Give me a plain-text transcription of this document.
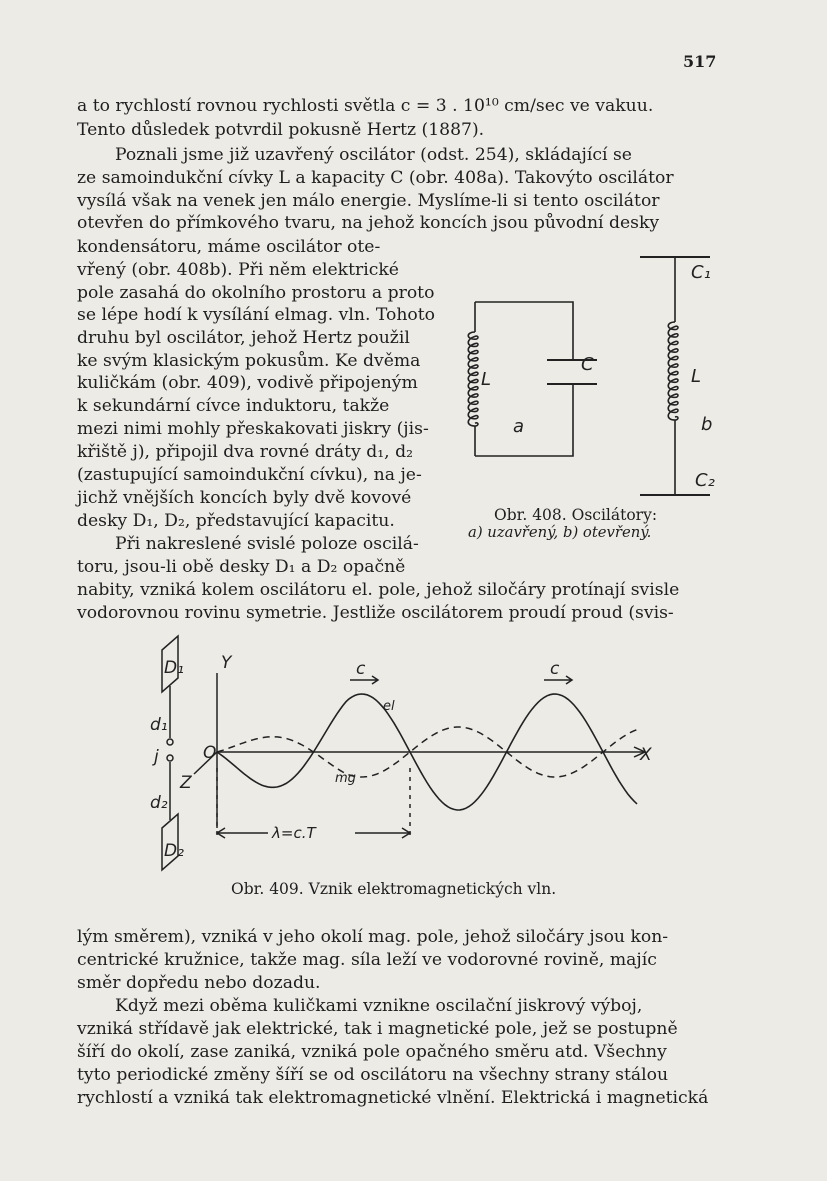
517
a to rychlostí rovnou rychlosti světla c = 3 . 10¹⁰ cm/sec ve vakuu.
Tento důsledek potvrdil pokusně Hertz (1887).
Poznali jsme již uzavřený oscilátor (odst. 254), skládající se
ze samoindukční cívky L a kapacity C (obr. 408a). Takovýto oscilátor
vysílá však na venek jen málo energie. Myslíme-li si tento oscilátor
otevřen do přímkového tvaru, na jehož koncích jsou původní desky
kondensátoru, máme oscilátor ote-
vřený (obr. 408b). Při něm elektrické
pole zasahá do okolního prostoru a proto
se lépe hodí k vysílání elmag. vln. Tohoto
druhu byl oscilátor, jehož Hertz použil
ke svým klasickým pokusům. Ke dvěma
kuličkám (obr. 409), vodivě připojeným
k sekundární cívce induktoru, takže
mezi nimi mohly přeskakovati jiskry (jis-
křiště j), připojil dva rovné dráty d₁, d₂
(zastupující samoindukční cívku), na je-
jichž vnějších koncích byly dvě kovové
desky D₁, D₂, představující kapacitu.
Při nakreslené svislé poloze oscilá-
toru, jsou-li obě desky D₁ a D₂ opačně
nabity, vzniká kolem oscilátoru el. pole, jehož siločáry protínají svisle
vodorovnou rovinu symetrie. Jestliže oscilátorem proudí proud (svis-
C
L
a
C₁
L
b
C₂
Obr. 408. Oscilátory:
a) uzavřený, b) otevřený.
D₁
d₁
j
d₂
D₂
Y
O
Z
X
c	c
el
mg
λ=c.T
Obr. 409. Vznik elektromagnetických vln.
lým směrem), vzniká v jeho okolí mag. pole, jehož siločáry jsou kon-
centrické kružnice, takže mag. síla leží ve vodorovné rovině, majíc
směr dopředu nebo dozadu.
Když mezi oběma kuličkami vznikne oscilační jiskrový výboj,
vzniká střídavě jak elektrické, tak i magnetické pole, jež se postupně
šíří do okolí, zase zaniká, vzniká pole opačného směru atd. Všechny
tyto periodické změny šíří se od oscilátoru na všechny strany stálou
rychlostí a vzniká tak elektromagnetické vlnění. Elektrická i magnetická
